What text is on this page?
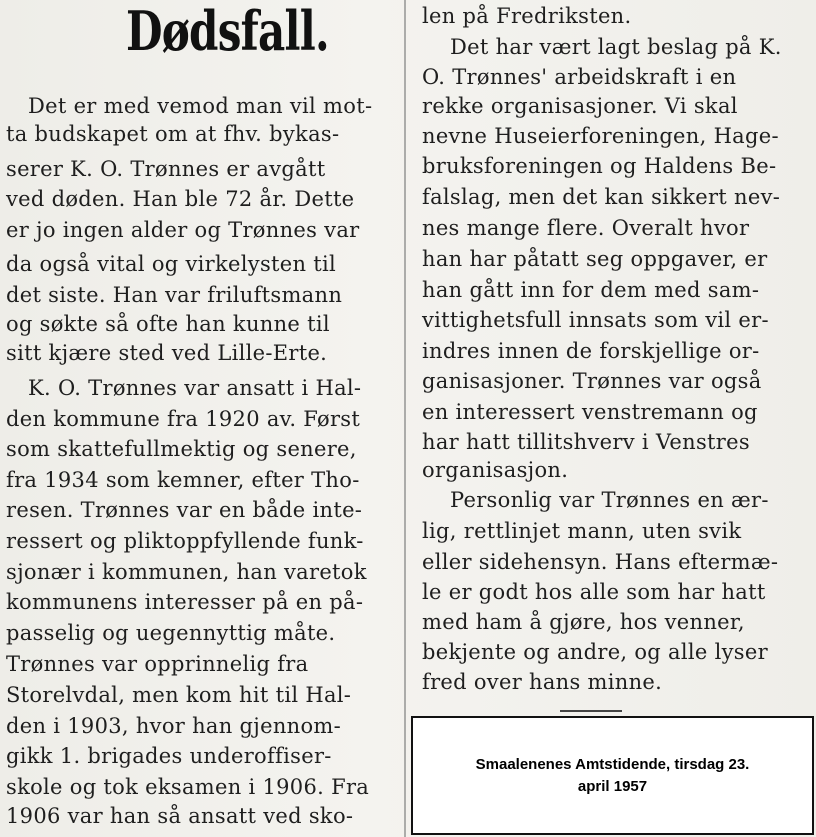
Dødsfall.
Det er med vemod man vil mot-
ta budskapet om at fhv. bykas-
serer K. O. Trønnes er avgått
ved døden. Han ble 72 år. Dette
er jo ingen alder og Trønnes var
da også vital og virkelysten til
det siste. Han var friluftsmann
og søkte så ofte han kunne til
sitt kjære sted ved Lille-Erte.
K. O. Trønnes var ansatt i Hal-
den kommune fra 1920 av. Først
som skattefullmektig og senere,
fra 1934 som kemner, efter Tho-
resen. Trønnes var en både inte-
ressert og pliktoppfyllende funk-
sjonær i kommunen, han varetok
kommunens interesser på en på-
passelig og uegennyttig måte.
Trønnes var opprinnelig fra
Storelvdal, men kom hit til Hal-
den i 1903, hvor han gjennom-
gikk 1. brigades underoffiser-
skole og tok eksamen i 1906. Fra
1906 var han så ansatt ved sko-
len på Fredriksten.
Det har vært lagt beslag på K.
O. Trønnes' arbeidskraft i en
rekke organisasjoner. Vi skal
nevne Huseierforeningen, Hage-
bruksforeningen og Haldens Be-
falslag, men det kan sikkert nev-
nes mange flere. Overalt hvor
han har påtatt seg oppgaver, er
han gått inn for dem med sam-
vittighetsfull innsats som vil er-
indres innen de forskjellige or-
ganisasjoner. Trønnes var også
en interessert venstremann og
har hatt tillitshverv i Venstres
organisasjon.
Personlig var Trønnes en ær-
lig, rettlinjet mann, uten svik
eller sidehensyn. Hans eftermæ-
le er godt hos alle som har hatt
med ham å gjøre, hos venner,
bekjente og andre, og alle lyser
fred over hans minne.
Smaalenenes Amtstidende, tirsdag 23.
april 1957
